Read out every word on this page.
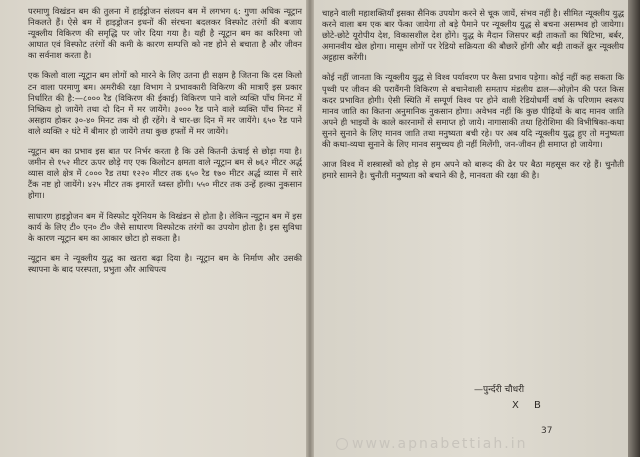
परमाणु विखंडन बम की तुलना में हाईड्रोजन संलयन बम में लगभग ६: गुणा अधिक न्यूट्रान निकलते हैं। ऐसे बम में हाइड्रोजन इधनों की संरचना बदलकर विस्फोट तरंगों की बजाय न्यूक्लीय विकिरण की समृद्धि पर जोर दिया गया है। यही है न्यूट्रान बम का करिश्मा जो आघात एवं विस्फोट तरंगों की कमी के कारण सम्पत्ति को नष्ट होने से बचाता है और जीवन का सर्वनाश करता है।

एक किलो वाला न्यूट्रान बम लोगों को मारने के लिए उतना ही सक्षम है जितना कि दस किलो टन वाला परमाणु बम। अमरीकी रक्षा विभाग ने प्रभावकारी विकिरण की मात्राएँ इस प्रकार निर्धारित की है:—८००० रैड (विकिरण की ईकाई) विकिरण पाने वाले व्यक्ति पाँच मिनट में निष्क्रिय हो जायेंगे तथा दो दिन में मर जायेंगे। ३००० रैड पाने वाले व्यक्ति पाँच मिनट में असहाय होकर ३०-४० मिनट तक वो ही रहेंगे। वे चार-छः दिन में मर जायेंगे। ६५० रैड पाने वाले व्यक्ति २ घंटे में बीमार हो जायेंगे तथा कुछ हफ्तों में मर जायेंगे।

न्यूट्रान बम का प्रभाव इस बात पर निर्भर करता है कि उसे कितनी ऊंचाई से छोड़ा गया है। जमीन से १५२ मीटर ऊपर छोड़े गए एक किलोटन क्षमता वाले न्यूट्रान बम से ७६२ मीटर अर्द्ध व्यास वाले क्षेत्र में ८००० रैड तथा १२२० मीटर तक ६५० रैड १७० मीटर अर्द्ध व्यास में सारे टैंक नष्ट हो जायेंगे। ४२५ मीटर तक इमारतें ध्वस्त होंगी। ५५० मीटर तक उन्हें हल्का नुकसान होगा।

साधारण हाइड्रोजन बम में विस्फोट यूरेनियम के विखंडन से होता है। लेकिन न्यूट्रान बम में इस कार्य के लिए टी० एन० टी० जैसे साधारण विस्फोटक तरंगों का उपयोग होता है। इस सुविधा के कारण न्यूट्रान बम का आकार छोटा हो सकता है।

न्यूट्रान बम ने न्यूक्लीय युद्ध का खतरा बढ़ा दिया है। न्यूट्रान बम के निर्माण और उसकी स्थापना के बाद परस्पता, प्रभुता और आधिपत्य

चाहने वाली महाशक्तियाँ इसका सैनिक उपयोग करने से चूक जायें, संभव नहीं है। सीमित न्यूक्लीय युद्ध करने वाला बम एक बार फेंका जायेगा तो बड़े पैमाने पर न्यूक्लीय युद्ध से बचना असम्भव हो जायेगा। छोटे-छोटे यूरोपीय देश, विकासशील देश होंगे। युद्ध के मैदान जिसपर बड़ी ताकतों का षिटिभा, बर्बर, अमानवीय खेल होगा। मासूम लोगों पर रेडियो सक्रियता की बौछारें होंगी और बड़ी ताकतें क्रूर न्यूक्लीय अट्टहास करेंगी।

कोई नहीं जानता कि न्यूक्लीय युद्ध से विश्व पर्यावरण पर कैसा प्रभाव पड़ेगा। कोई नहीं कह सकता कि पृथ्वी पर जीवन की परावैंगनी विकिरण से बचानेवाली समताप मंडलीय ढाल—ओज़ोन की परत किस कदर प्रभावित होगी। ऐसी स्थिति में सम्पूर्ण विश्व पर होने वाली रेडियोधर्मी वर्षा के परिणाम स्वरूप मानव जाति का कितना अनुमानिक नुकसान होगा। अवेभव नहीं कि कुछ पीढ़ियों के बाद मानव जाति अपने ही भाइयों के काले कारनामों से समाप्त हो जाये। नागासाकी तथा हिरोशिमा की विभीषिका-कथा सुनने सुनाने के लिए मानव जाति तथा मनुष्यता बची रहे। पर अब यदि न्यूक्लीय युद्ध हुए तो मनुष्यता की कथा-व्यथा सुनाने के लिए मानव समुच्चय ही नहीं मिलेंगी, जन-जीवन ही समाप्त हो जायेगा।

आज विश्व में शस्त्रास्त्रों को होड़ से हम अपने को बारूद की ढेर पर बैठा महसूस कर रहे हैं। चुनौती हमारे सामने है। चुनौती मनुष्यता को बचाने की है, मानवता की रक्षा की है।

—पुर्न्दरी चौधरी
X B
37
www.apnabettiah.in
